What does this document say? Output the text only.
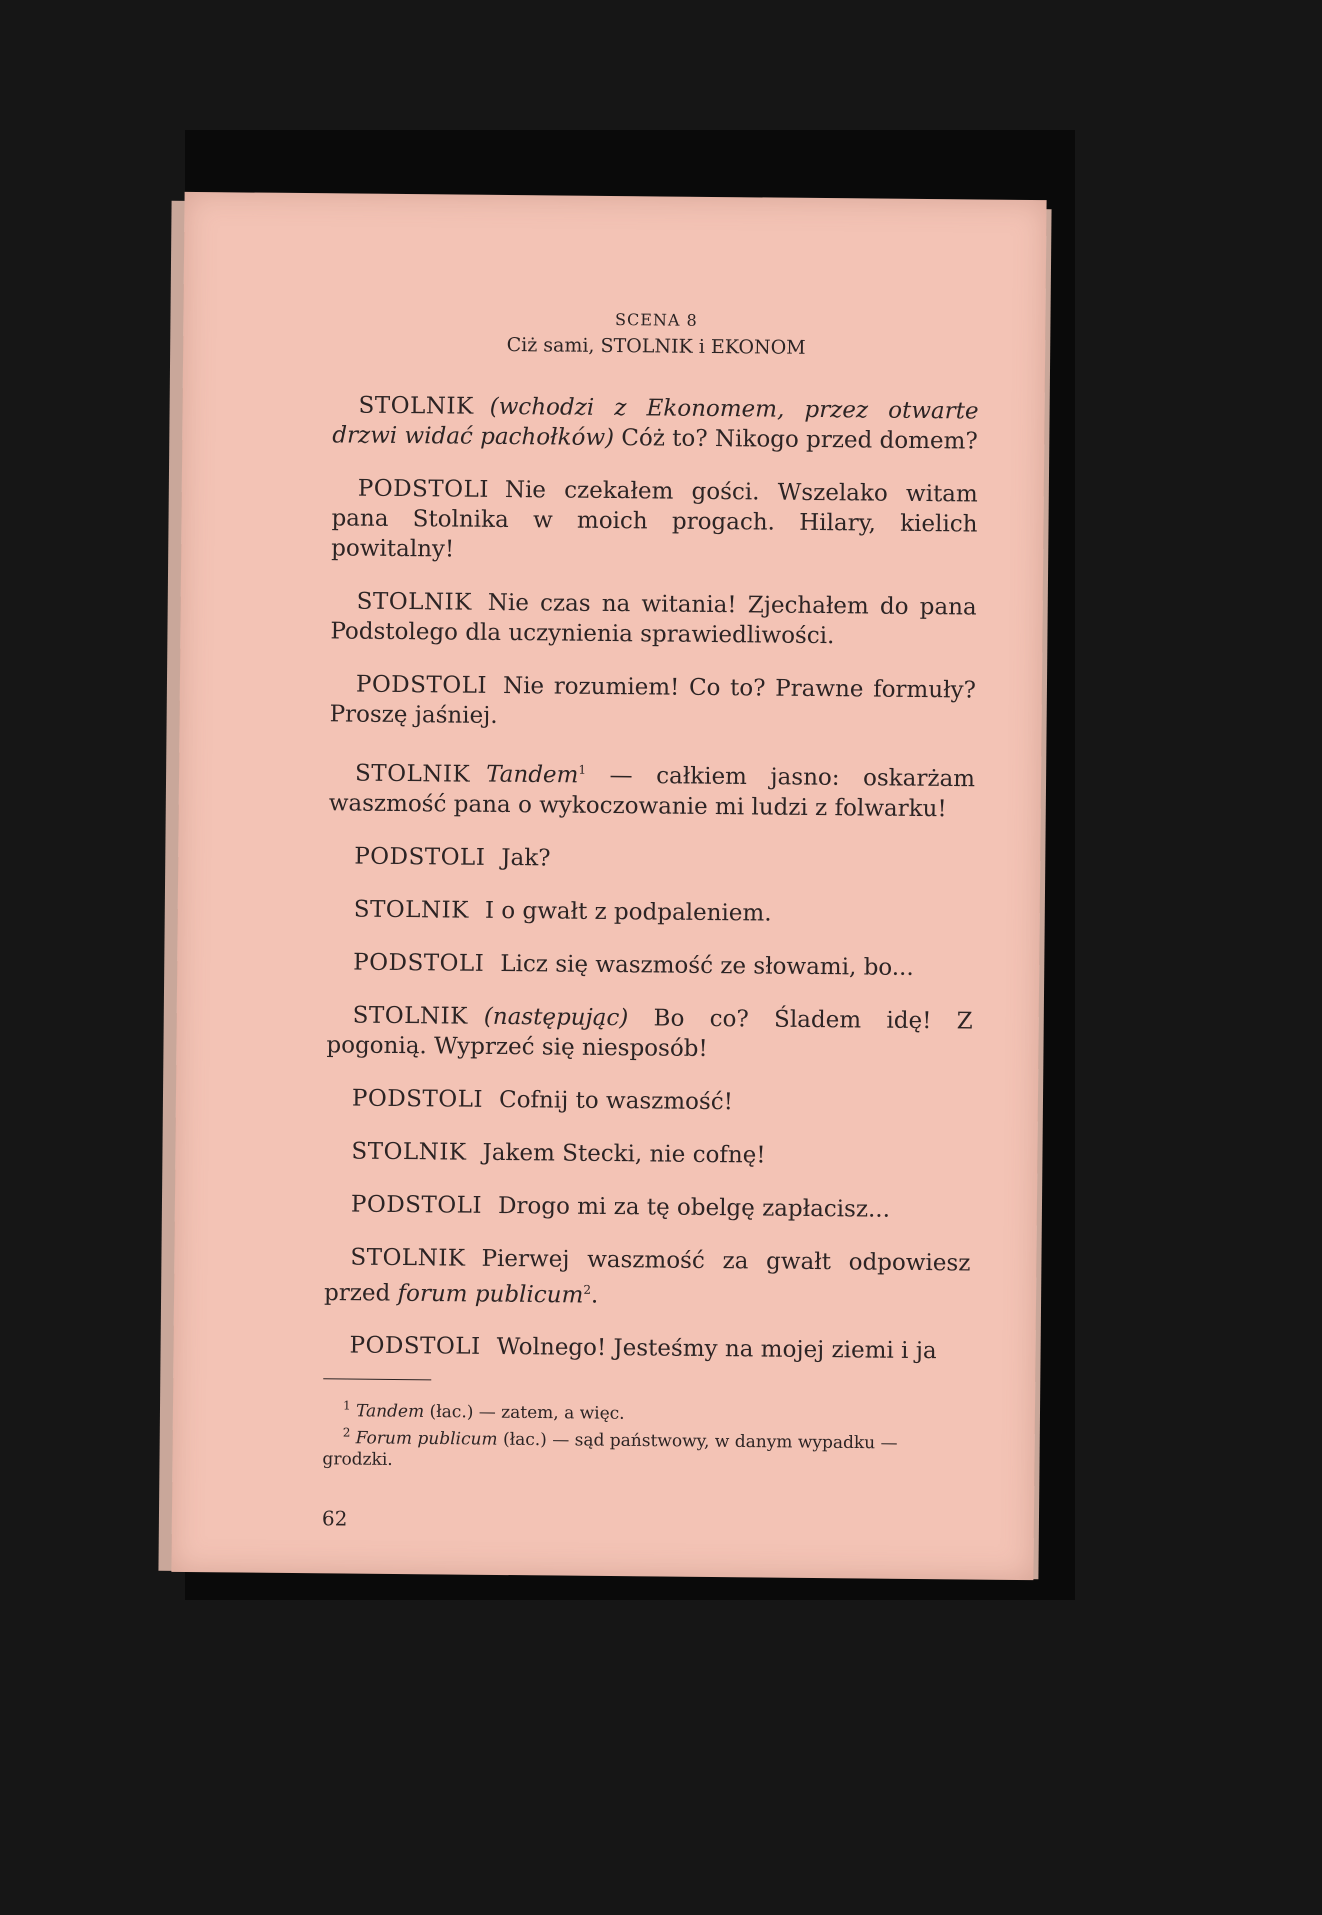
SCENA 8
Ciż sami, STOLNIK i EKONOM

STOLNIK (wchodzi z Ekonomem, przez otwarte drzwi widać pachołków) Cóż to? Nikogo przed domem?

PODSTOLI Nie czekałem gości. Wszelako witam pana Stolnika w moich progach. Hilary, kielich powitalny!

STOLNIK Nie czas na witania! Zjechałem do pana Podstolego dla uczynienia sprawiedliwości.

PODSTOLI Nie rozumiem! Co to? Prawne formuły? Proszę jaśniej.

STOLNIK Tandem$^1$ — całkiem jasno: oskarżam waszmość pana o wykoczowanie mi ludzi z folwarku!

PODSTOLI Jak?

STOLNIK I o gwałt z podpaleniem.

PODSTOLI Licz się waszmość ze słowami, bo...

STOLNIK (następując) Bo co? Śladem idę! Z pogonią. Wyprzeć się niesposób!

PODSTOLI Cofnij to waszmość!

STOLNIK Jakem Stecki, nie cofnę!

PODSTOLI Drogo mi za tę obelgę zapłacisz...

STOLNIK Pierwej waszmość za gwałt odpowiesz przed forum publicum$^2$.

PODSTOLI Wolnego! Jesteśmy na mojej ziemi i ja

$^1$ Tandem (łac.) — zatem, a więc.

$^2$ Forum publicum (łac.) — sąd państwowy, w danym wypadku — grodzki.

62
